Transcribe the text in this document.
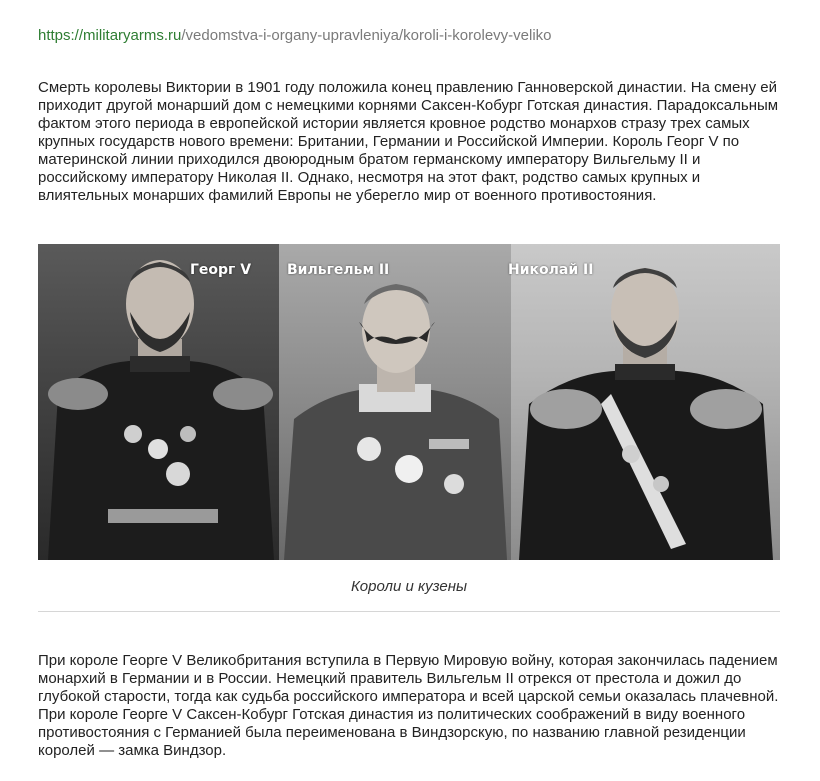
https://militaryarms.ru/vedomstva-i-organy-upravleniya/koroli-i-korolevy-veliko

Смерть королевы Виктории в 1901 году положила конец правлению Ганноверской династии. На смену ей приходит другой монарший дом с немецкими корнями Саксен-Кобург Готская династия. Парадоксальным фактом этого периода в европейской истории является кровное родство монархов стразу трех самых крупных государств нового времени: Британии, Германии и Российской Империи. Король Георг V по материнской линии приходился двоюродным братом германскому императору Вильгельму II и российскому императору Николая II. Однако, несмотря на этот факт, родство самых крупных и влиятельных монарших фамилий Европы не уберегло мир от военного противостояния.

Георг V	Вильгельм II	Николай II
Короли и кузены

При короле Георге V Великобритания вступила в Первую Мировую войну, которая закончилась падением монархий в Германии и в России. Немецкий правитель Вильгельм II отрекся от престола и дожил до глубокой старости, тогда как судьба российского императора и всей царской семьи оказалась плачевной. При короле Георге V Саксен-Кобург Готская династия из политических соображений в виду военного противостояния с Германией была переименована в Виндзорскую, по названию главной резиденции королей — замка Виндзор.
